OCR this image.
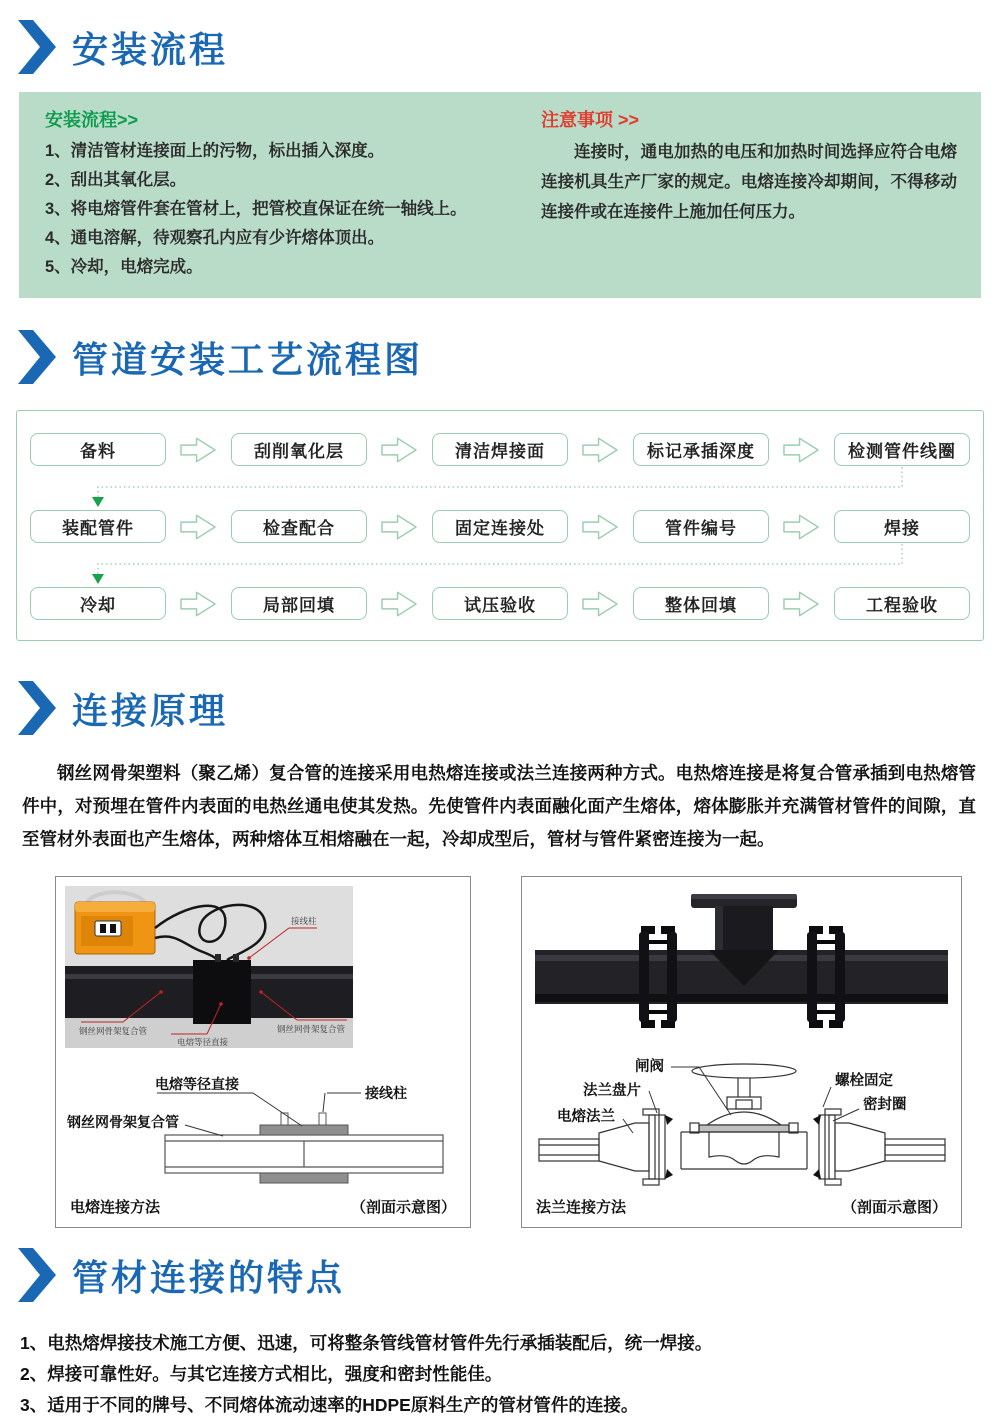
安装流程
安装流程>>
1、清洁管材连接面上的污物，标出插入深度。
2、刮出其氧化层。
3、将电熔管件套在管材上，把管校直保证在统一轴线上。
4、通电溶解，待观察孔内应有少许熔体顶出。
5、冷却，电熔完成。
注意事项 >>

连接时，通电加热的电压和加热时间选择应符合电熔连接机具生产厂家的规定。电熔连接冷却期间，不得移动连接件或在连接件上施加任何压力。

管道安装工艺流程图
备料	刮削氧化层	清洁焊接面	标记承插深度	检测管件线圈
装配管件	检查配合	固定连接处	管件编号	焊接
冷却	局部回填	试压验收	整体回填	工程验收
连接原理

钢丝网骨架塑料（聚乙烯）复合管的连接采用电热熔连接或法兰连接两种方式。电热熔连接是将复合管承插到电热熔管件中，对预埋在管件内表面的电热丝通电使其发热。先使管件内表面融化面产生熔体，熔体膨胀并充满管材管件的间隙，直至管材外表面也产生熔体，两种熔体互相熔融在一起，冷却成型后，管材与管件紧密连接为一起。

接线柱
钢丝网骨架复合管
电熔等径直接
钢丝网骨架复合管

电熔等径直接
接线柱
钢丝网骨架复合管
电熔连接方法	（剖面示意图）

闸阀
法兰盘片
电熔法兰
螺栓固定
密封圈
法兰连接方法	（剖面示意图）
管材连接的特点
1、电热熔焊接技术施工方便、迅速，可将整条管线管材管件先行承插装配后，统一焊接。
2、焊接可靠性好。与其它连接方式相比，强度和密封性能佳。
3、适用于不同的牌号、不同熔体流动速率的HDPE原料生产的管材管件的连接。
